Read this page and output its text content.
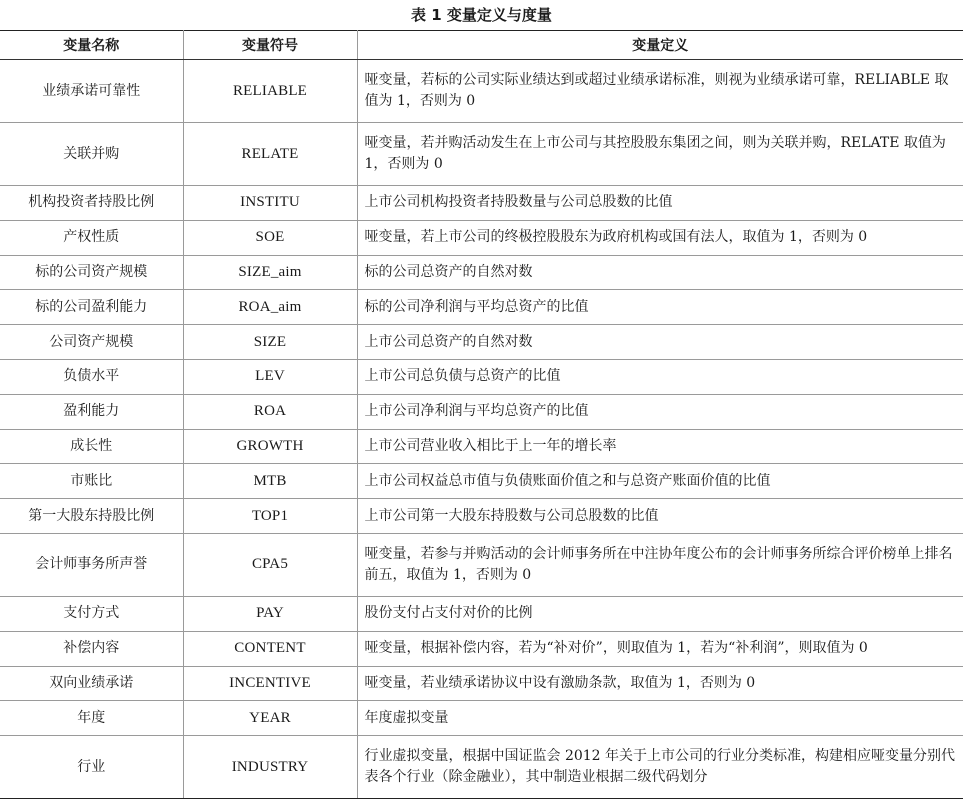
表 1 变量定义与度量
变量名称	变量符号	变量定义
业绩承诺可靠性	RELIABLE	哑变量，若标的公司实际业绩达到或超过业绩承诺标准，则视为业绩承诺可靠，RELIABLE 取值为 1，否则为 0
关联并购	RELATE	哑变量，若并购活动发生在上市公司与其控股股东集团之间，则为关联并购，RELATE 取值为 1，否则为 0
机构投资者持股比例	INSTITU	上市公司机构投资者持股数量与公司总股数的比值
产权性质	SOE	哑变量，若上市公司的终极控股股东为政府机构或国有法人，取值为 1，否则为 0
标的公司资产规模	SIZE_aim	标的公司总资产的自然对数
标的公司盈利能力	ROA_aim	标的公司净利润与平均总资产的比值
公司资产规模	SIZE	上市公司总资产的自然对数
负债水平	LEV	上市公司总负债与总资产的比值
盈利能力	ROA	上市公司净利润与平均总资产的比值
成长性	GROWTH	上市公司营业收入相比于上一年的增长率
市账比	MTB	上市公司权益总市值与负债账面价值之和与总资产账面价值的比值
第一大股东持股比例	TOP1	上市公司第一大股东持股数与公司总股数的比值
会计师事务所声誉	CPA5	哑变量，若参与并购活动的会计师事务所在中注协年度公布的会计师事务所综合评价榜单上排名前五，取值为 1，否则为 0
支付方式	PAY	股份支付占支付对价的比例
补偿内容	CONTENT	哑变量，根据补偿内容，若为“补对价”，则取值为 1，若为“补利润”，则取值为 0
双向业绩承诺	INCENTIVE	哑变量，若业绩承诺协议中设有激励条款，取值为 1，否则为 0
年度	YEAR	年度虚拟变量
行业	INDUSTRY	行业虚拟变量，根据中国证监会 2012 年关于上市公司的行业分类标准，构建相应哑变量分别代表各个行业（除金融业），其中制造业根据二级代码划分
